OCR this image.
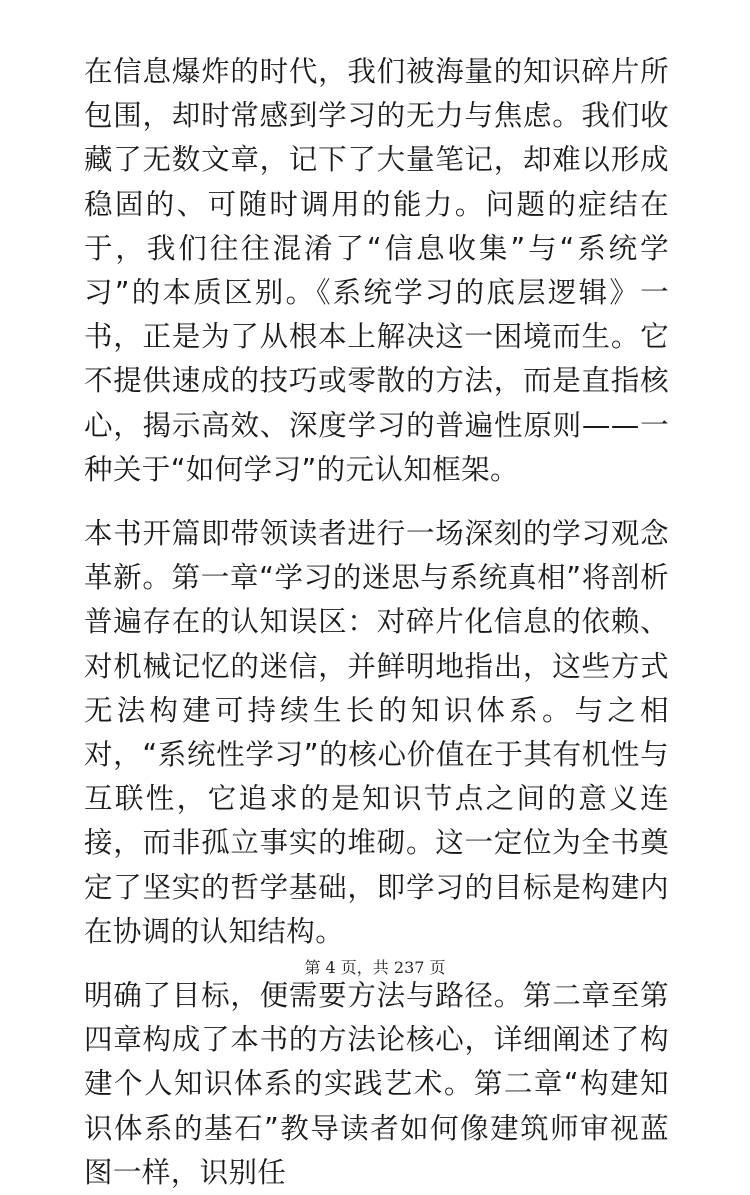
在信息爆炸的时代，我们被海量的知识碎片所包围，却时常感到学习的无力与焦虑。我们收藏了无数文章，记下了大量笔记，却难以形成稳固的、可随时调用的能力。问题的症结在于，我们往往混淆了“信息收集”与“系统学习”的本质区别。《系统学习的底层逻辑》一书，正是为了从根本上解决这一困境而生。它不提供速成的技巧或零散的方法，而是直指核心，揭示高效、深度学习的普遍性原则——一种关于“如何学习”的元认知框架。

本书开篇即带领读者进行一场深刻的学习观念革新。第一章“学习的迷思与系统真相”将剖析普遍存在的认知误区：对碎片化信息的依赖、对机械记忆的迷信，并鲜明地指出，这些方式无法构建可持续生长的知识体系。与之相对，“系统性学习”的核心价值在于其有机性与互联性，它追求的是知识节点之间的意义连接，而非孤立事实的堆砌。这一定位为全书奠定了坚实的哲学基础，即学习的目标是构建内在协调的认知结构。

明确了目标，便需要方法与路径。第二章至第四章构成了本书的方法论核心，详细阐述了构建个人知识体系的实践艺术。第二章“构建知识体系的基石”教导读者如何像建筑师审视蓝图一样，识别任

第 4 页，共 237 页
